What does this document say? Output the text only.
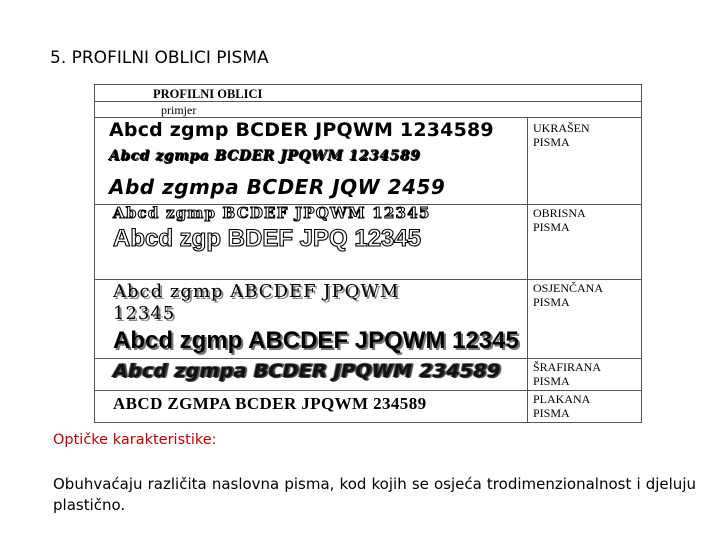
5. PROFILNI OBLICI PISMA
PROFILNI OBLICI
primjer
Abcd zgmp BCDER JPQWM 1234589
Abcd zgmpa BCDER JPQWM 1234589
Abd zgmpa BCDER JQW 2459
UKRAŠEN
PISMA
Abcd zgmp BCDEF JPQWM 12345
Abcd zgp BDEF JPQ 12345
OBRISNA
PISMA
Abcd zgmp ABCDEF JPQWM
12345
Abcd zgmp ABCDEF JPQWM 12345
OSJENČANA
PISMA
Abcd zgmpa BCDER JPQWM 234589	ŠRAFIRANA
PISMA
ABCD ZGMPA BCDER JPQWM 234589	PLAKANA
PISMA
Optičke karakteristike:
Obuhvaćaju različita naslovna pisma, kod kojih se osjeća trodimenzionalnost i djeluju plastično.
